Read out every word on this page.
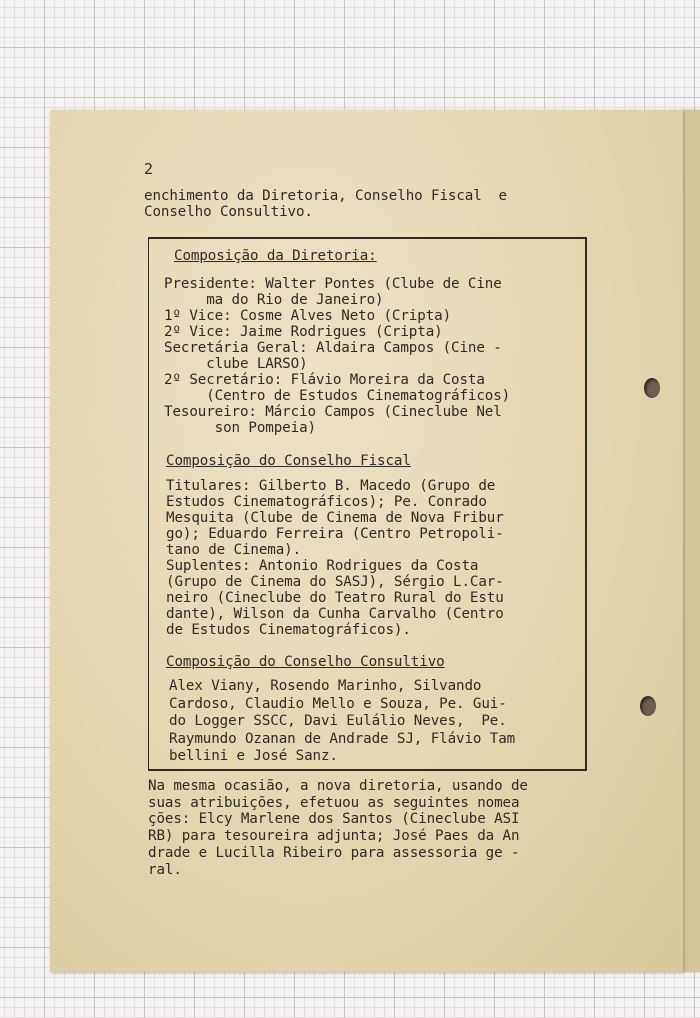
2
enchimento da Diretoria, Conselho Fiscal  e
Conselho Consultivo.
Composição da Diretoria:
Presidente: Walter Pontes (Clube de Cine
ma do Rio de Janeiro)
1º Vice: Cosme Alves Neto (Cripta)
2º Vice: Jaime Rodrigues (Cripta)
Secretária Geral: Aldaira Campos (Cine -
clube LARSO)
2º Secretário: Flávio Moreira da Costa
(Centro de Estudos Cinematográficos)
Tesoureiro: Márcio Campos (Cineclube Nel
son Pompeia)
Composição do Conselho Fiscal
Titulares: Gilberto B. Macedo (Grupo de
Estudos Cinematográficos); Pe. Conrado
Mesquita (Clube de Cinema de Nova Fribur
go); Eduardo Ferreira (Centro Petropoli-
tano de Cinema).
Suplentes: Antonio Rodrigues da Costa
(Grupo de Cinema do SASJ), Sérgio L.Car-
neiro (Cineclube do Teatro Rural do Estu
dante), Wilson da Cunha Carvalho (Centro
de Estudos Cinematográficos).
Composição do Conselho Consultivo
Alex Viany, Rosendo Marinho, Silvando
Cardoso, Claudio Mello e Souza, Pe. Gui-
do Logger SSCC, Davi Eulálio Neves,  Pe.
Raymundo Ozanan de Andrade SJ, Flávio Tam
bellini e José Sanz.
Na mesma ocasião, a nova diretoria, usando de
suas atribuições, efetuou as seguintes nomea
ções: Elcy Marlene dos Santos (Cineclube ASI
RB) para tesoureira adjunta; José Paes da An
drade e Lucilla Ribeiro para assessoria ge -
ral.
